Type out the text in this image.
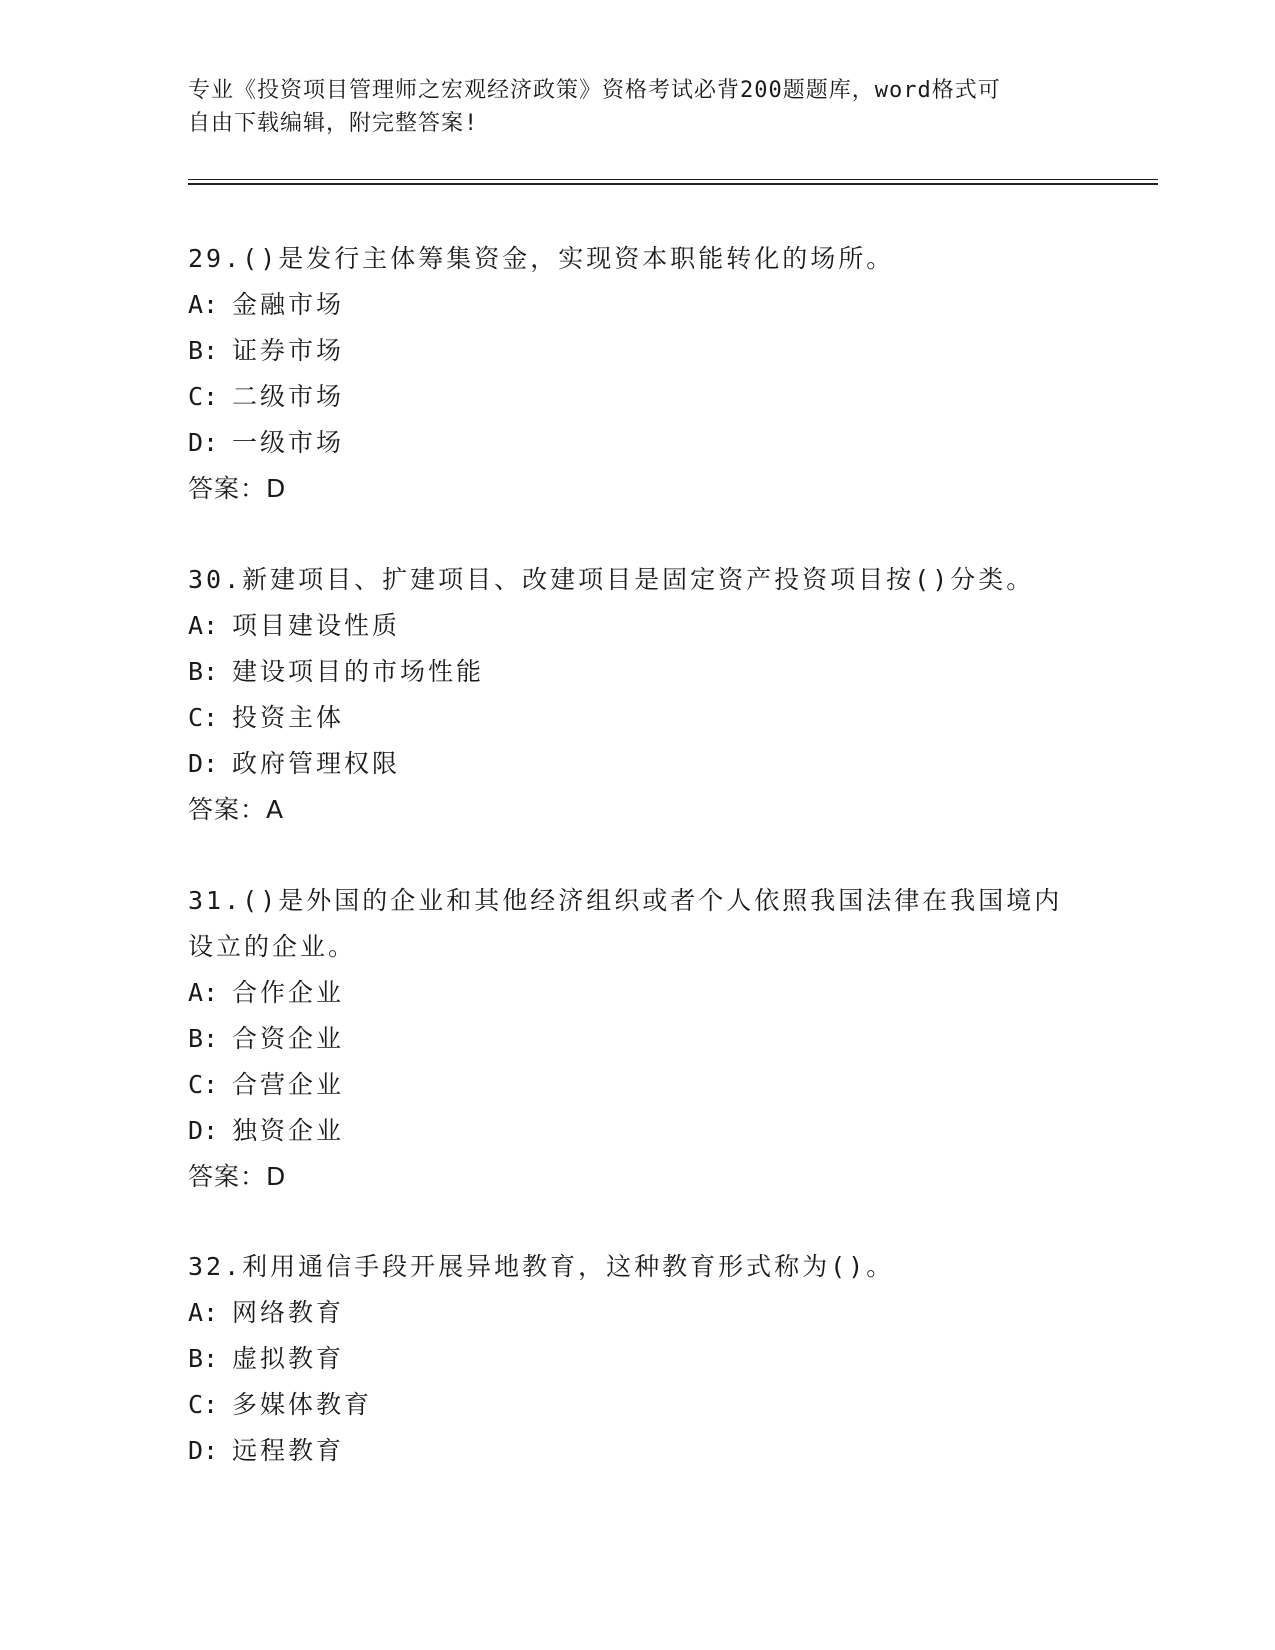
专业《投资项目管理师之宏观经济政策》资格考试必背200题题库，word格式可
自由下载编辑，附完整答案!

29.()是发行主体筹集资金，实现资本职能转化的场所。

A: 金融市场

B: 证券市场

C: 二级市场

D: 一级市场

答案：D

30.新建项目、扩建项目、改建项目是固定资产投资项目按()分类。

A: 项目建设性质

B: 建设项目的市场性能

C: 投资主体

D: 政府管理权限

答案：A

31.()是外国的企业和其他经济组织或者个人依照我国法律在我国境内设立的企业。

A: 合作企业

B: 合资企业

C: 合营企业

D: 独资企业

答案：D

32.利用通信手段开展异地教育，这种教育形式称为()。

A: 网络教育

B: 虚拟教育

C: 多媒体教育

D: 远程教育
